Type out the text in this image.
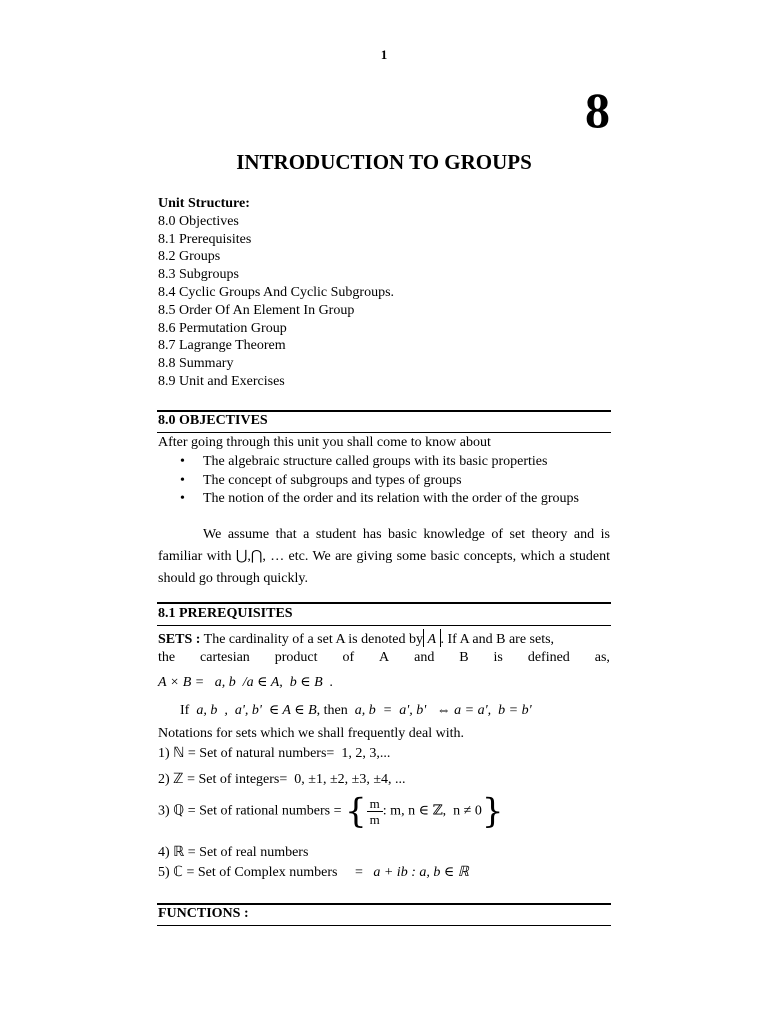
1
8
INTRODUCTION TO GROUPS
Unit Structure:
8.0 Objectives
8.1 Prerequisites
8.2 Groups
8.3 Subgroups
8.4 Cyclic Groups And Cyclic Subgroups.
8.5 Order Of An Element In Group
8.6 Permutation Group
8.7 Lagrange Theorem
8.8 Summary
8.9 Unit and Exercises
8.0 OBJECTIVES
After going through this unit you shall come to know about
• The algebraic structure called groups with its basic properties
• The concept of subgroups and types of groups
• The notion of the order and its relation with the order of the groups
We assume that a student has basic knowledge of set theory and is familiar with ⋃,⋂, … etc. We are giving some basic concepts, which a student should go through quickly.
8.1 PREREQUISITES
SETS : The cardinality of a set A is denoted by A . If A and B are sets,
the cartesian product of A and B is defined as,
A × B =   a, b  /a ∈ A,  b ∈ B  .
If a, b  ,  a', b'  ∈ A ∈ B, then a, b  =  a', b'   ⇔ a = a',  b = b'
Notations for sets which we shall frequently deal with.
1) ℕ = Set of natural numbers=  1, 2, 3,...
2) ℤ = Set of integers=  0, ±1, ±2, ±3, ±4, ...
3) ℚ = Set of rational numbers = { $\frac{m}{m}$ : m, n ∈ ℤ,  n ≠ 0}
4) ℝ = Set of real numbers
5) ℂ = Set of Complex numbers = a + ib : a, b ∈ ℝ
FUNCTIONS :
